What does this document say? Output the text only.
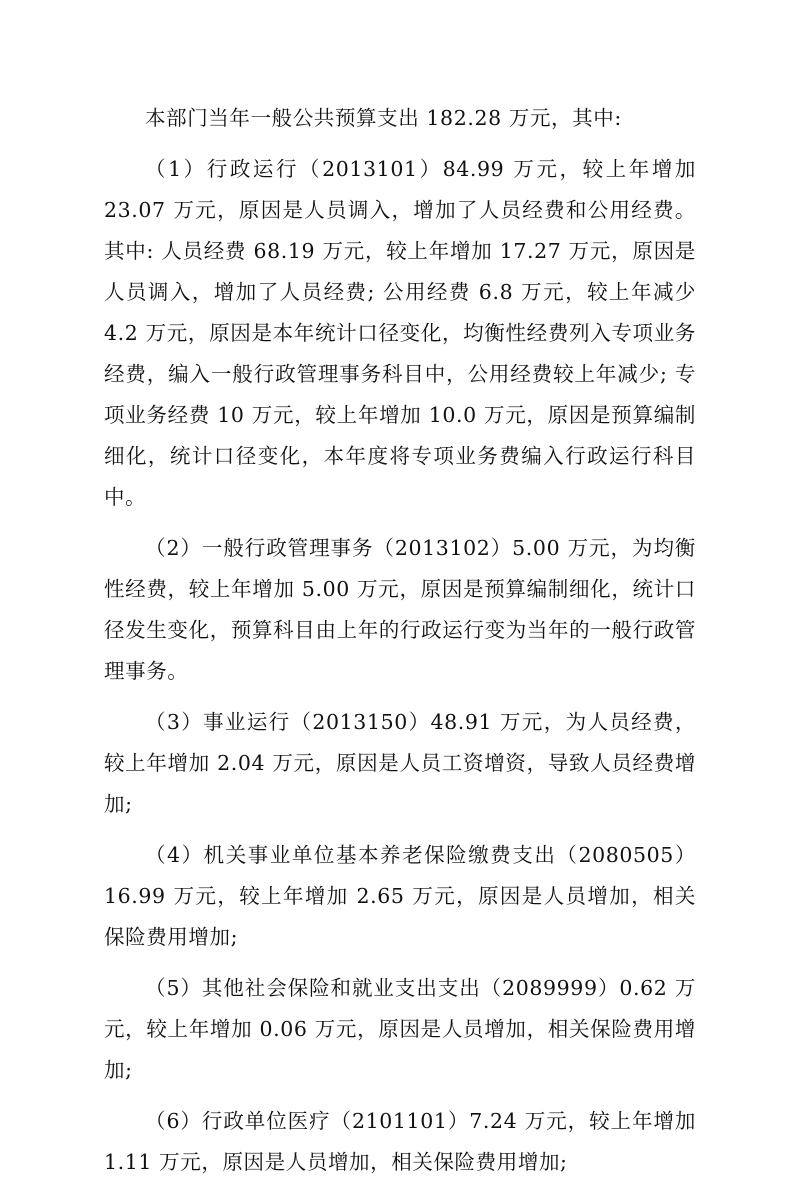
本部门当年一般公共预算支出 182.28 万元，其中:

（1）行政运行（2013101）84.99 万元，较上年增加 23.07 万元，原因是人员调入，增加了人员经费和公用经费。其中: 人员经费 68.19 万元，较上年增加 17.27 万元，原因是人员调入，增加了人员经费; 公用经费 6.8 万元，较上年减少 4.2 万元，原因是本年统计口径变化，均衡性经费列入专项业务经费，编入一般行政管理事务科目中，公用经费较上年减少; 专项业务经费 10 万元，较上年增加 10.0 万元，原因是预算编制细化，统计口径变化，本年度将专项业务费编入行政运行科目中。

（2）一般行政管理事务（2013102）5.00 万元，为均衡性经费，较上年增加 5.00 万元，原因是预算编制细化，统计口径发生变化，预算科目由上年的行政运行变为当年的一般行政管理事务。

（3）事业运行（2013150）48.91 万元，为人员经费，较上年增加 2.04 万元，原因是人员工资增资，导致人员经费增加;

（4）机关事业单位基本养老保险缴费支出（2080505）16.99 万元，较上年增加 2.65 万元，原因是人员增加，相关保险费用增加;

（5）其他社会保险和就业支出支出（2089999）0.62 万元，较上年增加 0.06 万元，原因是人员增加，相关保险费用增加;

（6）行政单位医疗（2101101）7.24 万元，较上年增加 1.11 万元，原因是人员增加，相关保险费用增加;
